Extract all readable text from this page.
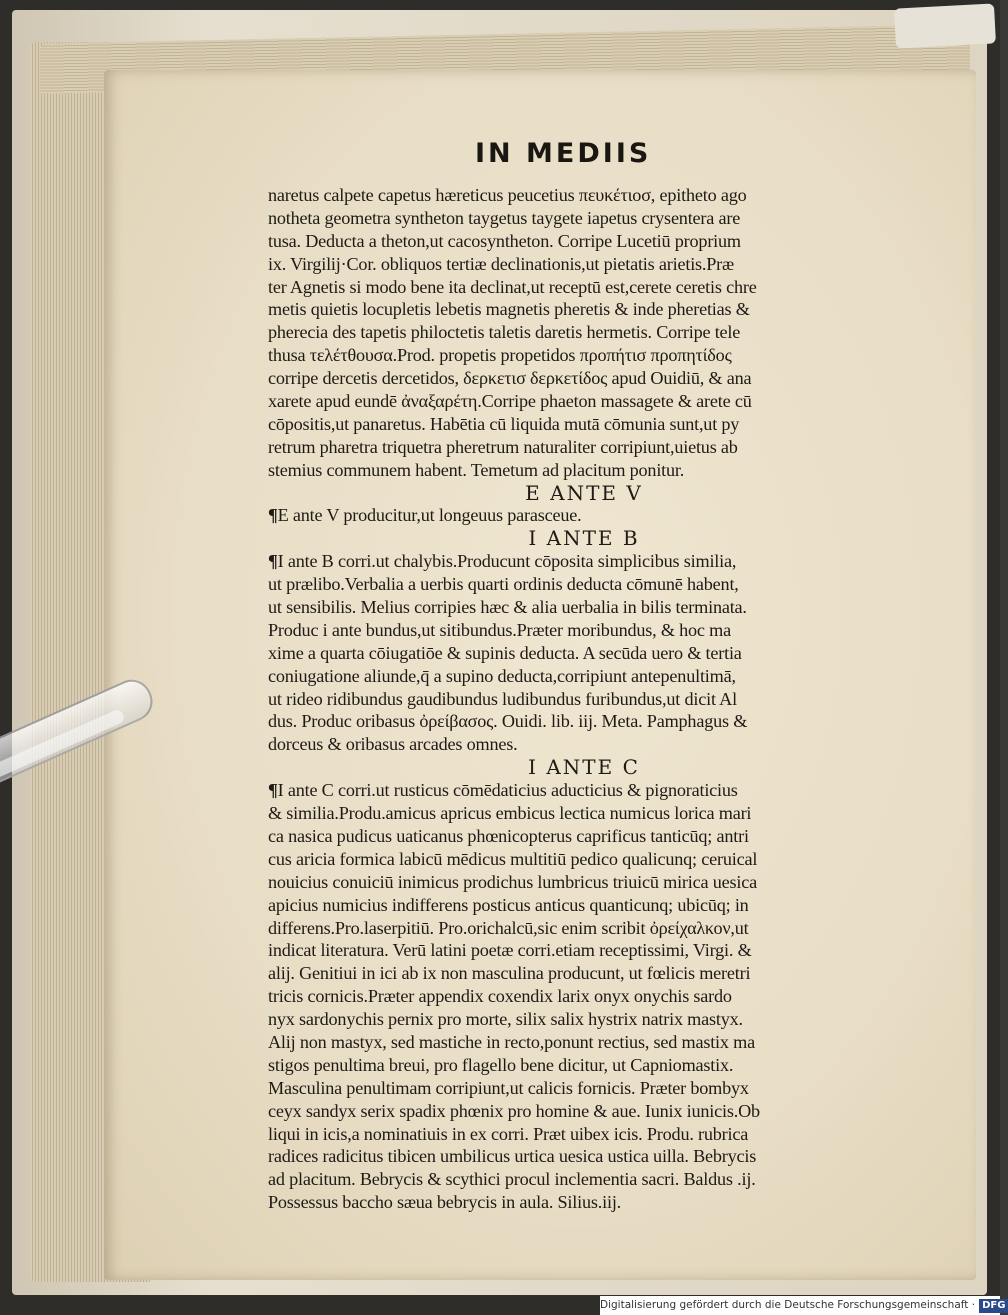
IN MEDIIS
naretus calpete capetus hæreticus peucetius πευκέτιοσ, epitheto ago
notheta geometra syntheton taygetus taygete iapetus crysentera are
tusa. Deducta a theton,ut cacosyntheton. Corripe Lucetiū proprium
ix. Virgilij·Cor. obliquos tertiæ declinationis,ut pietatis arietis.Præ
ter Agnetis si modo bene ita declinat,ut receptū est,cerete ceretis chre
metis quietis locupletis lebetis magnetis pheretis & inde pheretias &
pherecia des tapetis philoctetis taletis daretis hermetis. Corripe tele
thusa τελέτθουσα.Prod. propetis propetidos προπήτισ προπητίδος
corripe dercetis dercetidos, δερκετισ δερκετίδος apud Ouidiū, & ana
xarete apud eundē ἀναξαρέτη.Corripe phaeton massagete & arete cū
cōpositis,ut panaretus. Habētia cū liquida mutā cōmunia sunt,ut py
retrum pharetra triquetra pheretrum naturaliter corripiunt,uietus ab
stemius communem habent. Temetum ad placitum ponitur.
E ANTE V
¶E ante V producitur,ut longeuus parasceue.
I ANTE B
¶I ante B corri.ut chalybis.Producunt cōposita simplicibus similia,
ut prælibo.Verbalia a uerbis quarti ordinis deducta cōmunē habent,
ut sensibilis. Melius corripies hæc & alia uerbalia in bilis terminata.
Produc i ante bundus,ut sitibundus.Præter moribundus, & hoc ma
xime a quarta cōiugatiōe & supinis deducta. A secūda uero & tertia
coniugatione aliunde,q̄ a supino deducta,corripiunt antepenultimā,
ut rideo ridibundus gaudibundus ludibundus furibundus,ut dicit Al
dus. Produc oribasus ὀρείβασος. Ouidi. lib. iij. Meta. Pamphagus &
dorceus & oribasus arcades omnes.
I ANTE C
¶I ante C corri.ut rusticus cōmēdaticius aducticius & pignoraticius
& similia.Produ.amicus apricus embicus lectica numicus lorica mari
ca nasica pudicus uaticanus phœnicopterus caprificus tanticūq; antri
cus aricia formica labicū mēdicus multitiū pedico qualicunq; ceruical
nouicius conuiciū inimicus prodichus lumbricus triuicū mirica uesica
apicius numicius indifferens posticus anticus quanticunq; ubicūq; in
differens.Pro.laserpitiū. Pro.orichalcū,sic enim scribit ὀρείχαλκον,ut
indicat literatura. Verū latini poetæ corri.etiam receptissimi, Virgi. &
alij. Genitiui in ici ab ix non masculina producunt, ut fœlicis meretri
tricis cornicis.Præter appendix coxendix larix onyx onychis sardo
nyx sardonychis pernix pro morte, silix salix hystrix natrix mastyx.
Alij non mastyx, sed mastiche in recto,ponunt rectius, sed mastix ma
stigos penultima breui, pro flagello bene dicitur, ut Capniomastix.
Masculina penultimam corripiunt,ut calicis fornicis. Præter bombyx
ceyx sandyx serix spadix phœnix pro homine & aue. Iunix iunicis.Ob
liqui in icis,a nominatiuis in ex corri. Præt uibex icis. Produ. rubrica
radices radicitus tibicen umbilicus urtica uesica ustica uilla. Bebrycis
ad placitum. Bebrycis & scythici procul inclementia sacri. Baldus .ij.
Possessus baccho sæua bebrycis in aula. Silius.iij.
Digitalisierung gefördert durch die Deutsche Forschungsgemeinschaft · DFG
